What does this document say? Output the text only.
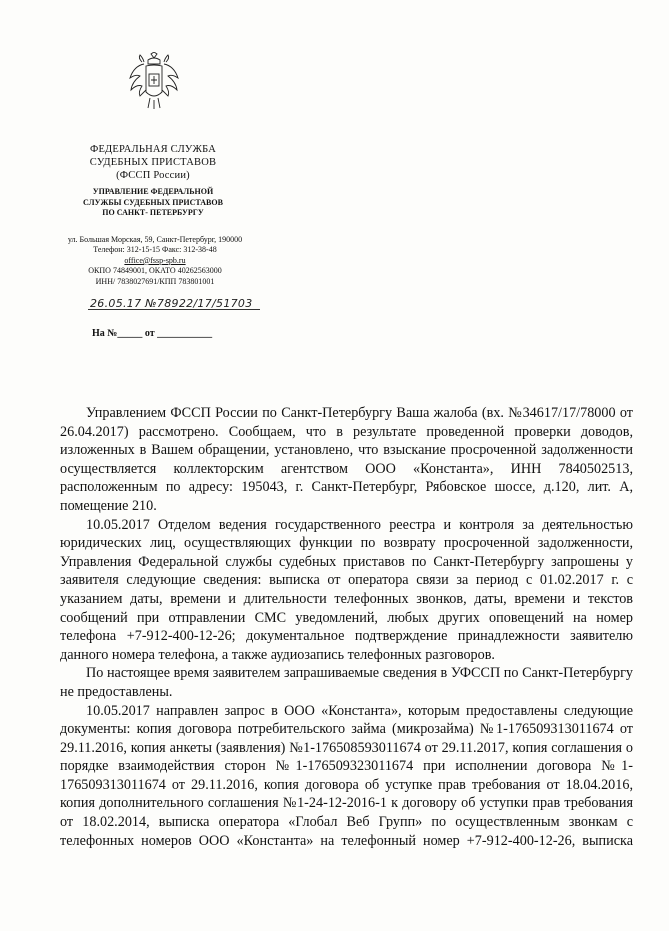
ФЕДЕРАЛЬНАЯ СЛУЖБА
СУДЕБНЫХ ПРИСТАВОВ
(ФССП России)
УПРАВЛЕНИЕ ФЕДЕРАЛЬНОЙ
СЛУЖБЫ СУДЕБНЫХ ПРИСТАВОВ
ПО САНКТ- ПЕТЕРБУРГУ
ул. Большая Морская, 59, Санкт-Петербург, 190000
Телефон: 312-15-15 Факс: 312-38-48
office@fssp-spb.ru
ОКПО 74849001, ОКАТО 40262563000
ИНН/ 7838027691/КПП 783801001
26.05.17 №78922/17/51703
На №_____ от ___________

Управлением ФССП России по Санкт-Петербургу Ваша жалоба (вх. №34617/17/78000 от 26.04.2017) рассмотрено. Сообщаем, что в результате проведенной проверки доводов, изложенных в Вашем обращении, установлено, что взыскание просроченной задолженности осуществляется коллекторским агентством ООО «Константа», ИНН 7840502513, расположенным по адресу: 195043, г. Санкт-Петербург, Рябовское шоссе, д.120, лит. А, помещение 210.

10.05.2017 Отделом ведения государственного реестра и контроля за деятельностью юридических лиц, осуществляющих функции по возврату просроченной задолженности, Управления Федеральной службы судебных приставов по Санкт-Петербургу запрошены у заявителя следующие сведения: выписка от оператора связи за период с 01.02.2017 г. с указанием даты, времени и длительности телефонных звонков, даты, времени и текстов сообщений при отправлении СМС уведомлений, любых других оповещений на номер телефона +7-912-400-12-26; документальное подтверждение принадлежности заявителю данного номера телефона, а также аудиозапись телефонных разговоров.

По настоящее время заявителем запрашиваемые сведения в УФССП по Санкт-Петербургу не предоставлены.

10.05.2017 направлен запрос в ООО «Константа», которым предоставлены следующие документы: копия договора потребительского займа (микрозайма) №1-176509313011674 от 29.11.2016, копия анкеты (заявления) №1-176508593011674 от 29.11.2017, копия соглашения о порядке взаимодействия сторон №1-176509323011674 при исполнении договора №1-176509313011674 от 29.11.2016, копия договора об уступке прав требования от 18.04.2016, копия дополнительного соглашения №1-24-12-2016-1 к договору об уступки прав требования от 18.02.2014, выписка оператора «Глобал Веб Групп» по осуществленным звонкам с телефонных номеров ООО «Константа» на телефонный номер +7-912-400-12-26, выписка
